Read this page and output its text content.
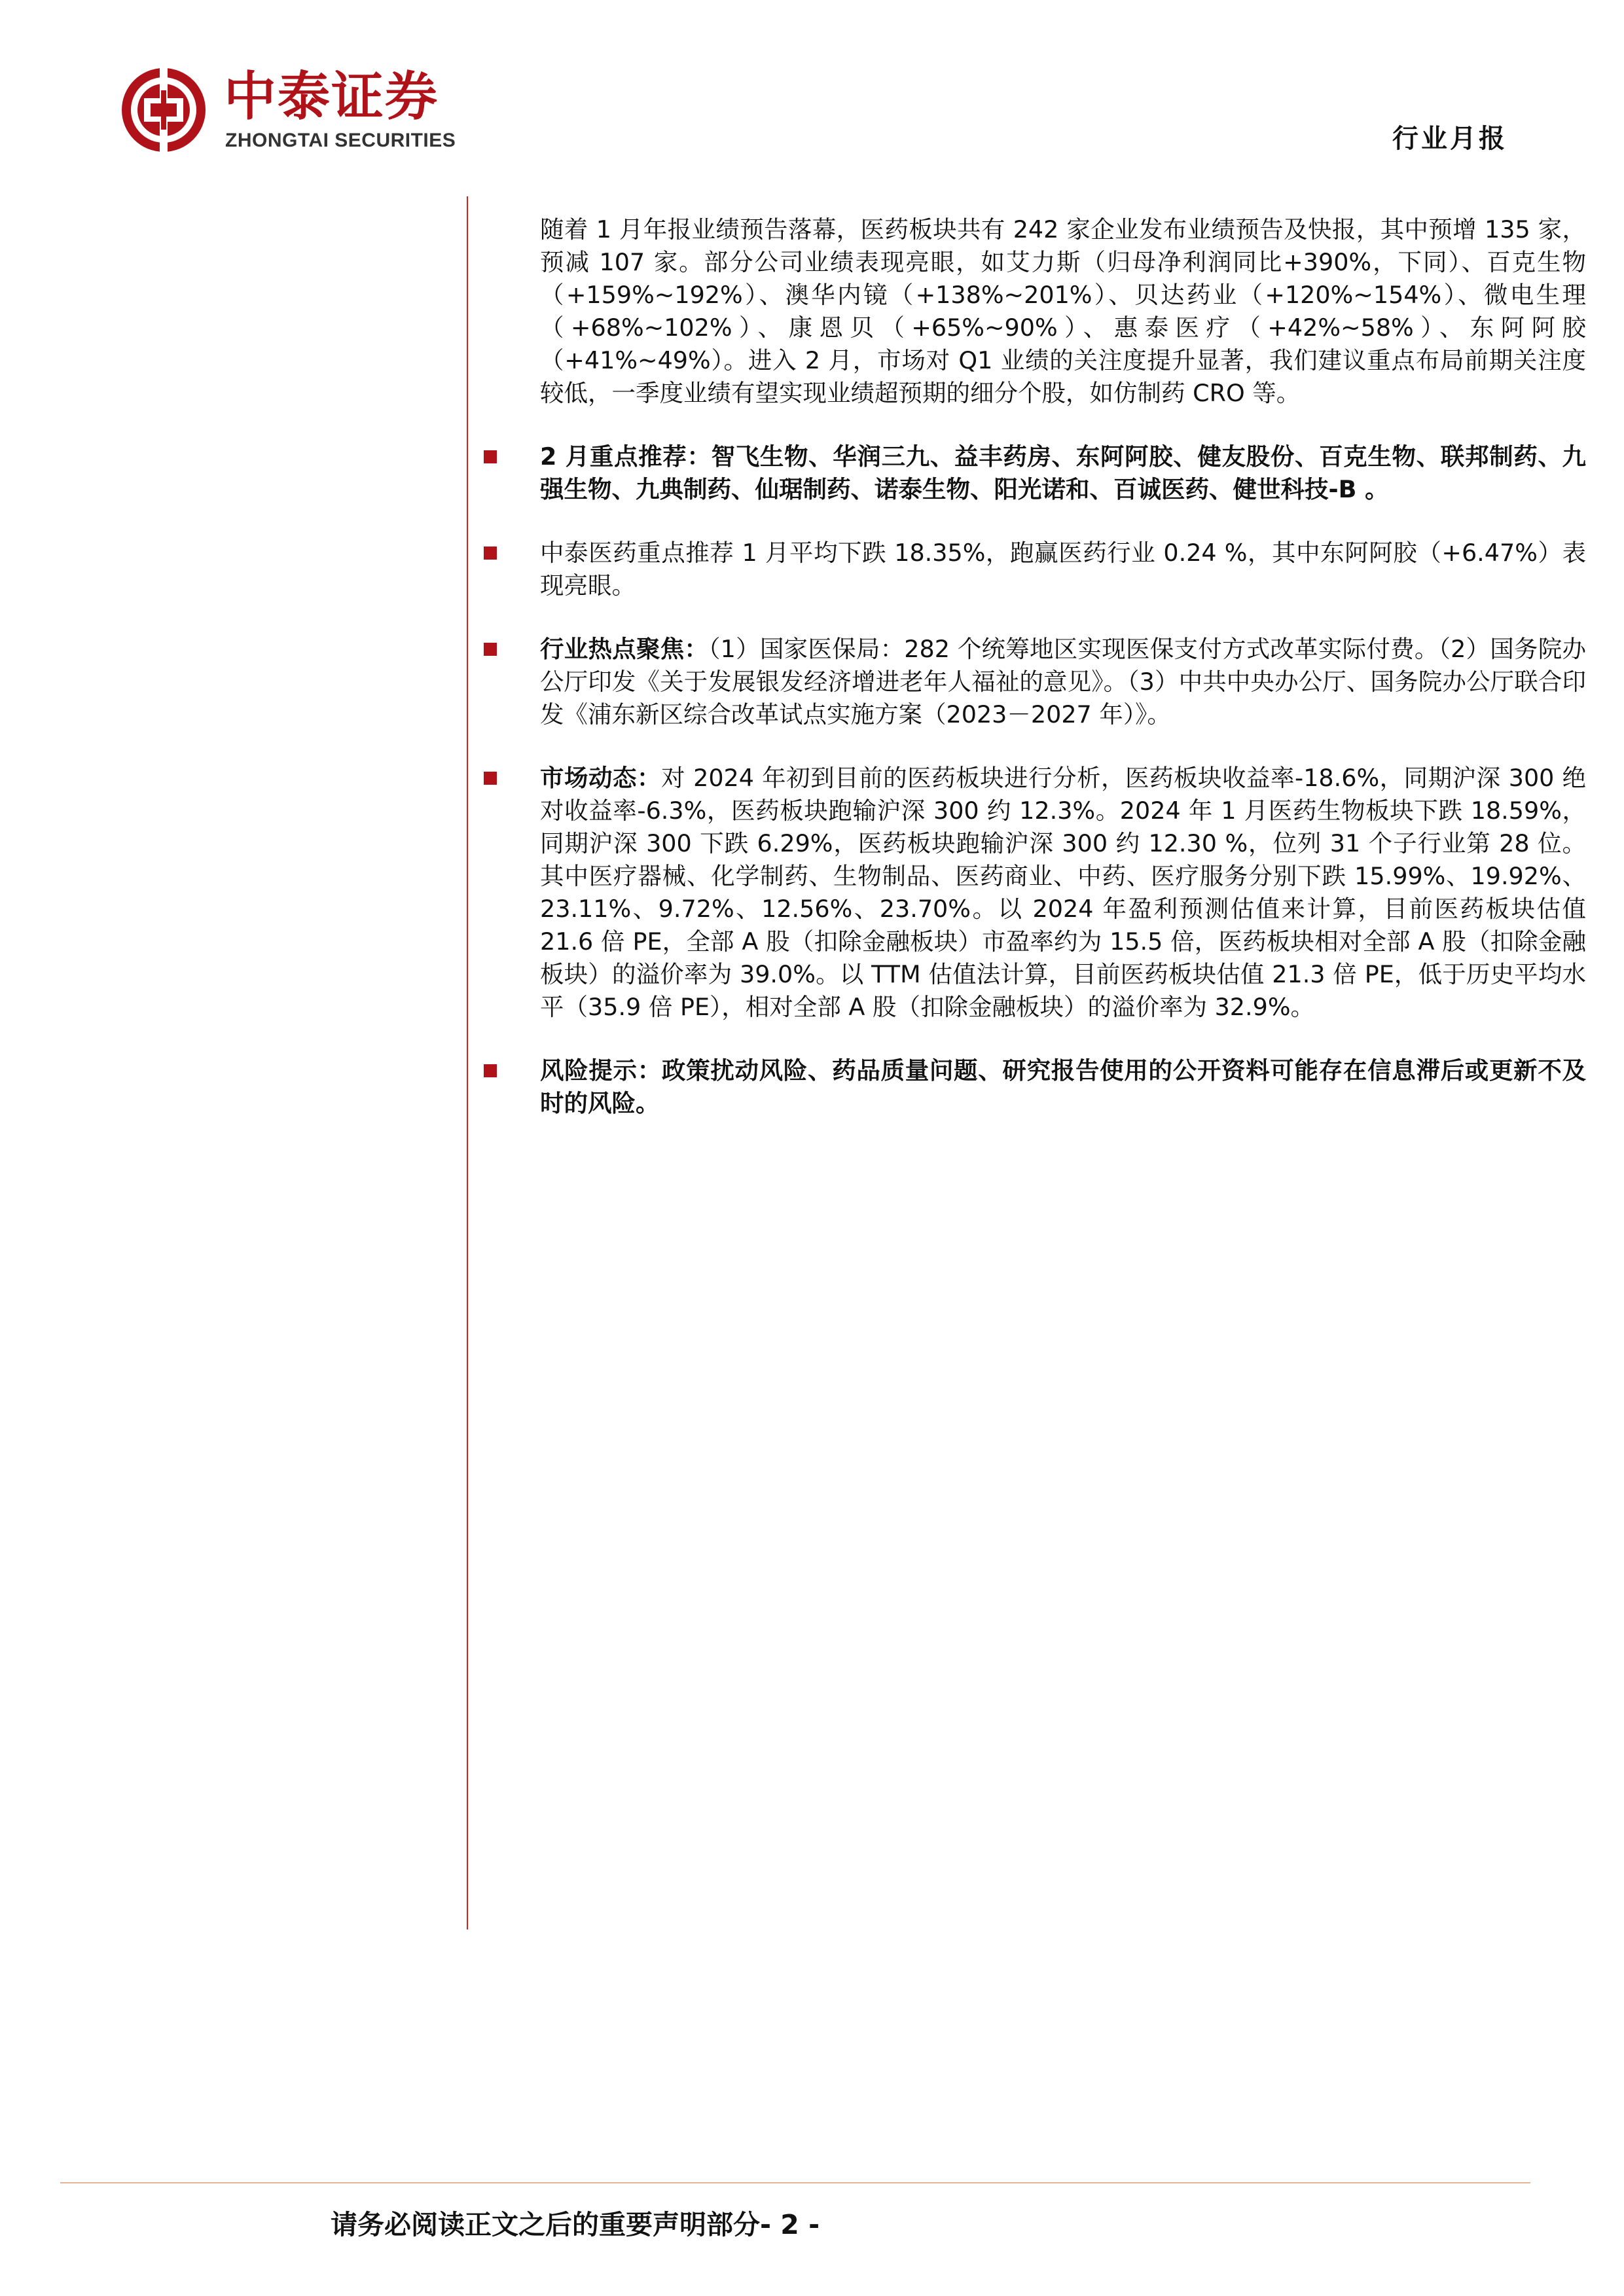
中泰证券
ZHONGTAI SECURITIES	行业月报

随着 1 月年报业绩预告落幕，医药板块共有 242 家企业发布业绩预告及快报，其中预增 135 家，预减 107 家。部分公司业绩表现亮眼，如艾力斯（归母净利润同比+390%，下同）、百克生物（+159%~192%）、澳华内镜（+138%~201%）、贝达药业（+120%~154%）、微电生理（+68%~102%）、康恩贝（+65%~90%）、惠泰医疗（+42%~58%）、东阿阿胶（+41%~49%）。进入 2 月，市场对 Q1 业绩的关注度提升显著，我们建议重点布局前期关注度较低，一季度业绩有望实现业绩超预期的细分个股，如仿制药 CRO 等。

2 月重点推荐：智飞生物、华润三九、益丰药房、东阿阿胶、健友股份、百克生物、联邦制药、九强生物、九典制药、仙琚制药、诺泰生物、阳光诺和、百诚医药、健世科技-B 。
中泰医药重点推荐 1 月平均下跌 18.35%，跑赢医药行业 0.24 %，其中东阿阿胶（+6.47%）表现亮眼。
行业热点聚焦：（1）国家医保局：282 个统筹地区实现医保支付方式改革实际付费。（2）国务院办公厅印发《关于发展银发经济增进老年人福祉的意见》。（3）中共中央办公厅、国务院办公厅联合印发《浦东新区综合改革试点实施方案（2023－2027 年）》。
市场动态：对 2024 年初到目前的医药板块进行分析，医药板块收益率-18.6%，同期沪深 300 绝对收益率-6.3%，医药板块跑输沪深 300 约 12.3%。2024 年 1 月医药生物板块下跌 18.59%，同期沪深 300 下跌 6.29%，医药板块跑输沪深 300 约 12.30 %，位列 31 个子行业第 28 位。其中医疗器械、化学制药、生物制品、医药商业、中药、医疗服务分别下跌 15.99%、19.92%、23.11%、9.72%、12.56%、23.70%。以 2024 年盈利预测估值来计算，目前医药板块估值 21.6 倍 PE，全部 A 股（扣除金融板块）市盈率约为 15.5 倍，医药板块相对全部 A 股（扣除金融板块）的溢价率为 39.0%。以 TTM 估值法计算，目前医药板块估值 21.3 倍 PE，低于历史平均水平（35.9 倍 PE），相对全部 A 股（扣除金融板块）的溢价率为 32.9%。
风险提示：政策扰动风险、药品质量问题、研究报告使用的公开资料可能存在信息滞后或更新不及时的风险。
请务必阅读正文之后的重要声明部分- 2 -
